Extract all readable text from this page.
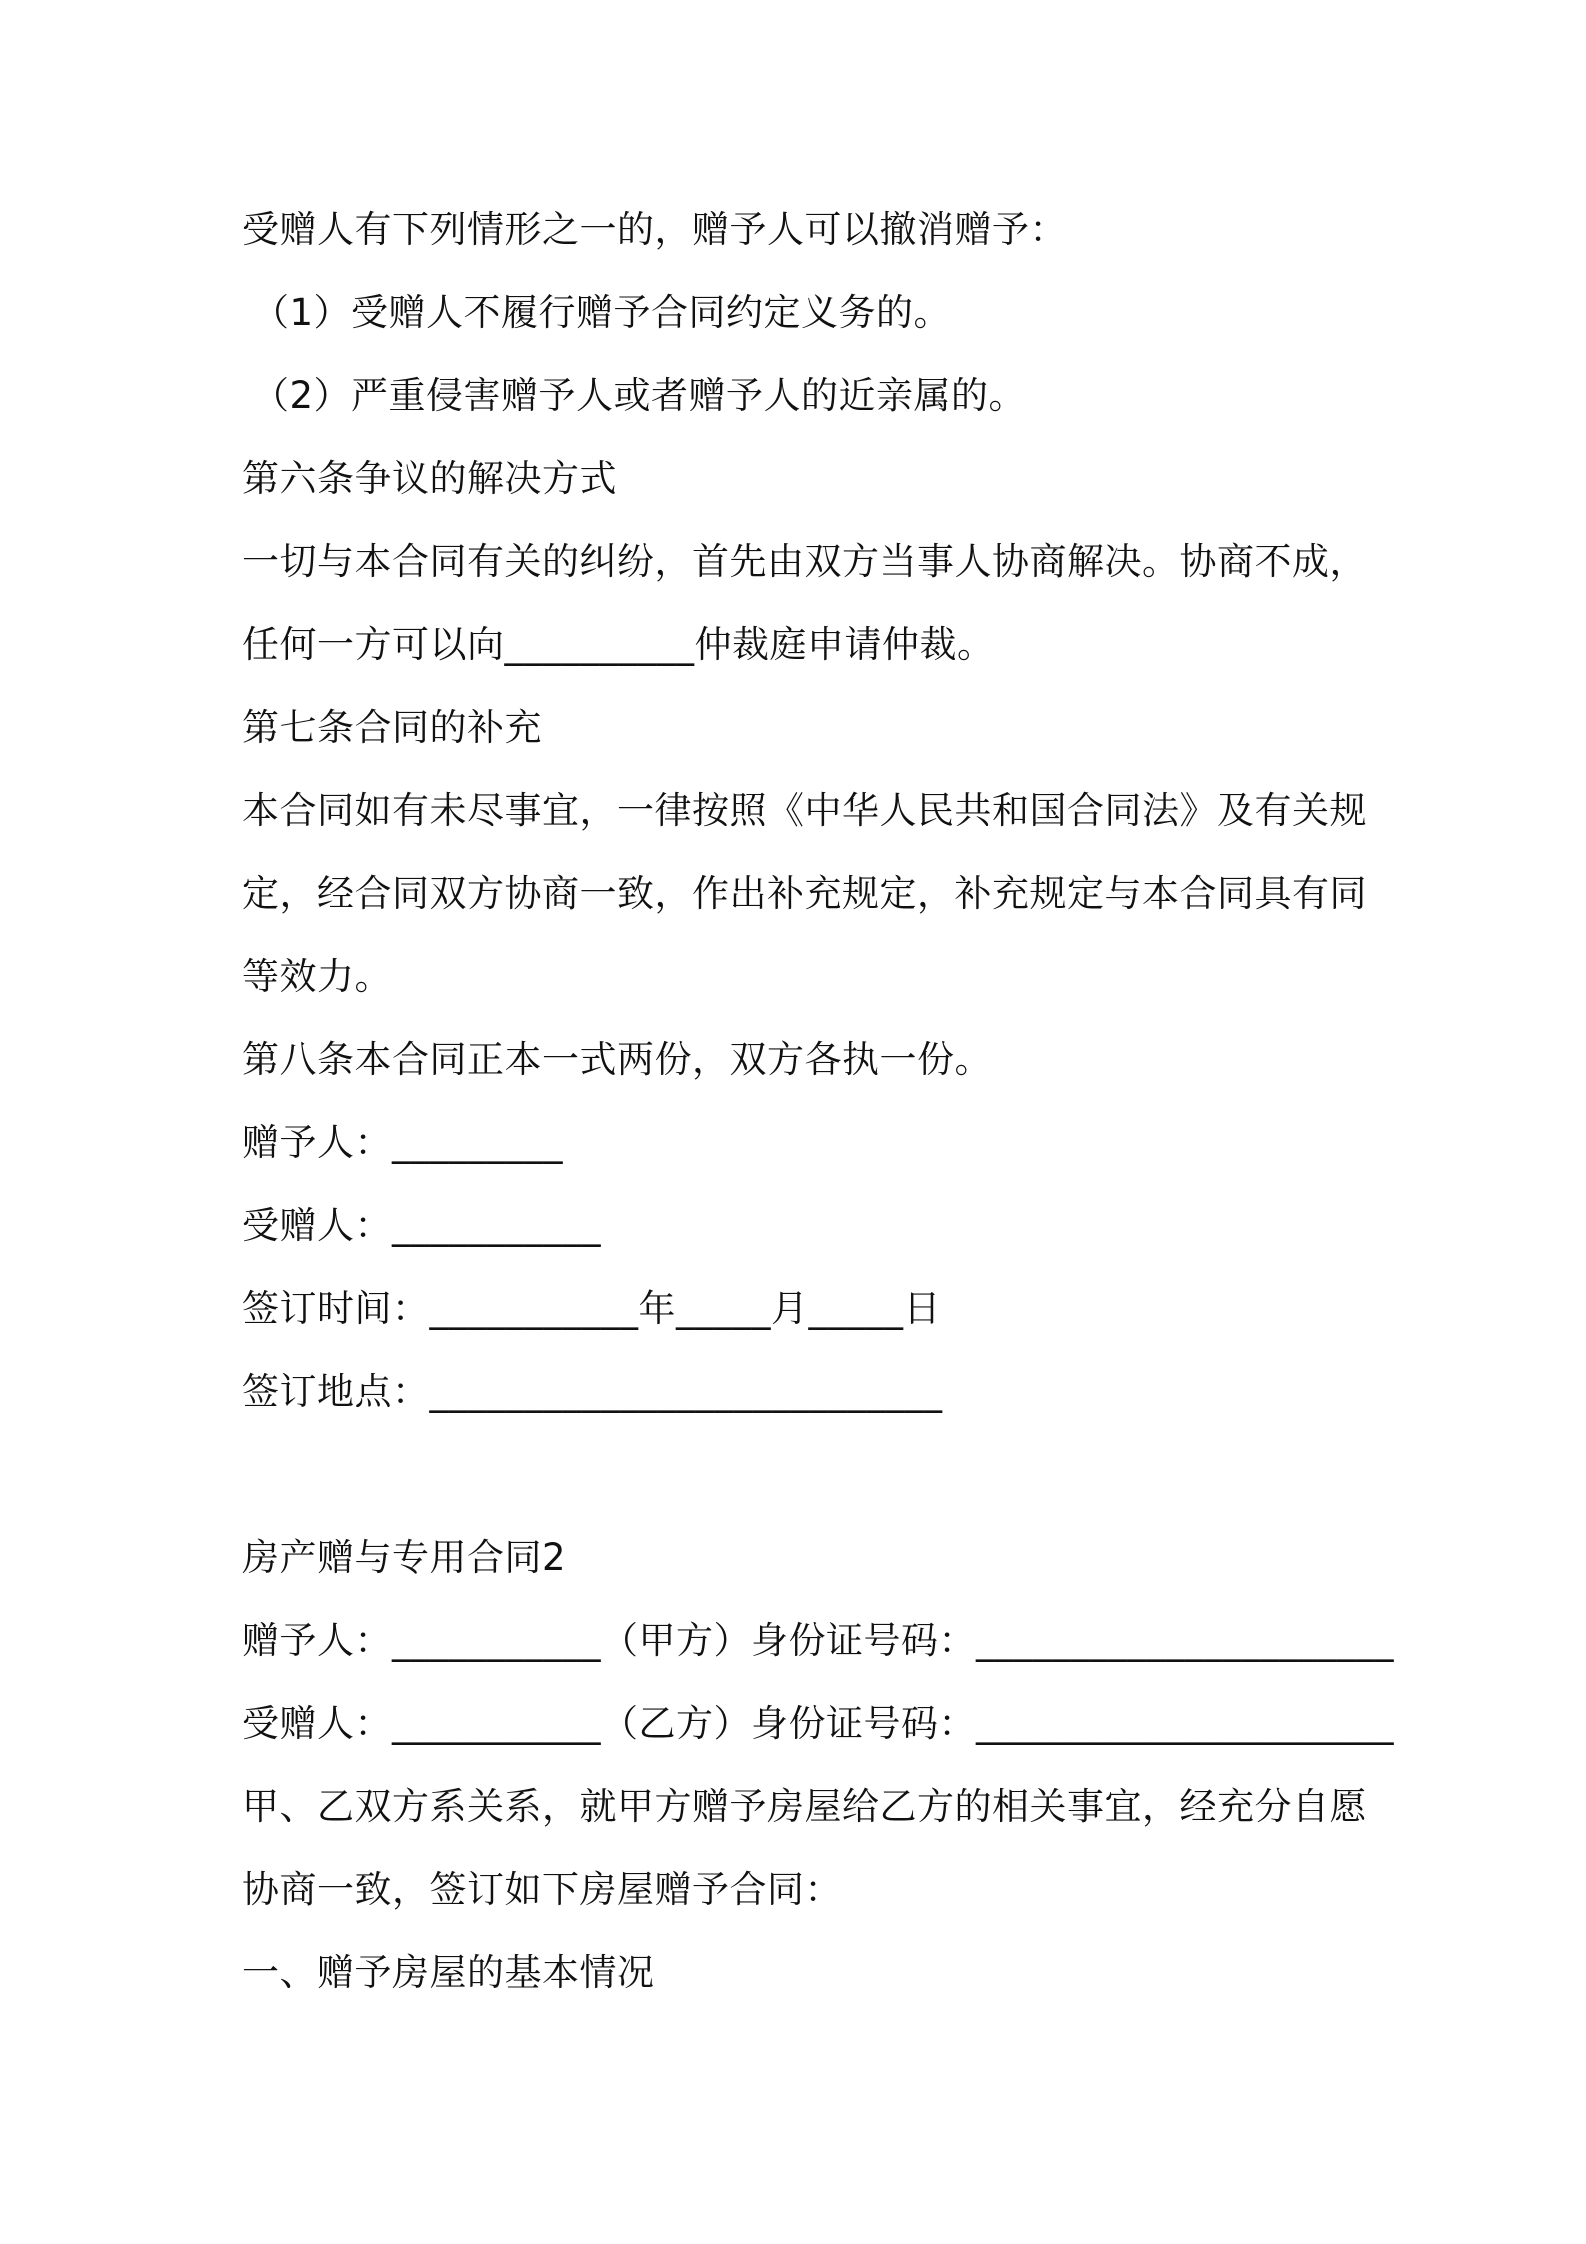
受赠人有下列情形之一的，赠予人可以撤消赠予：
（1）受赠人不履行赠予合同约定义务的。
（2）严重侵害赠予人或者赠予人的近亲属的。
第六条争议的解决方式
一切与本合同有关的纠纷，首先由双方当事人协商解决。协商不成，
任何一方可以向__________仲裁庭申请仲裁。
第七条合同的补充
本合同如有未尽事宜，一律按照《中华人民共和国合同法》及有关规
定，经合同双方协商一致，作出补充规定，补充规定与本合同具有同
等效力。
第八条本合同正本一式两份，双方各执一份。
赠予人：_________
受赠人：___________
签订时间：___________年_____月_____日
签订地点：___________________________
房产赠与专用合同2
赠予人：___________（甲方）身份证号码：______________________
受赠人：___________（乙方）身份证号码：______________________
甲、乙双方系关系，就甲方赠予房屋给乙方的相关事宜，经充分自愿
协商一致，签订如下房屋赠予合同：
一、赠予房屋的基本情况
